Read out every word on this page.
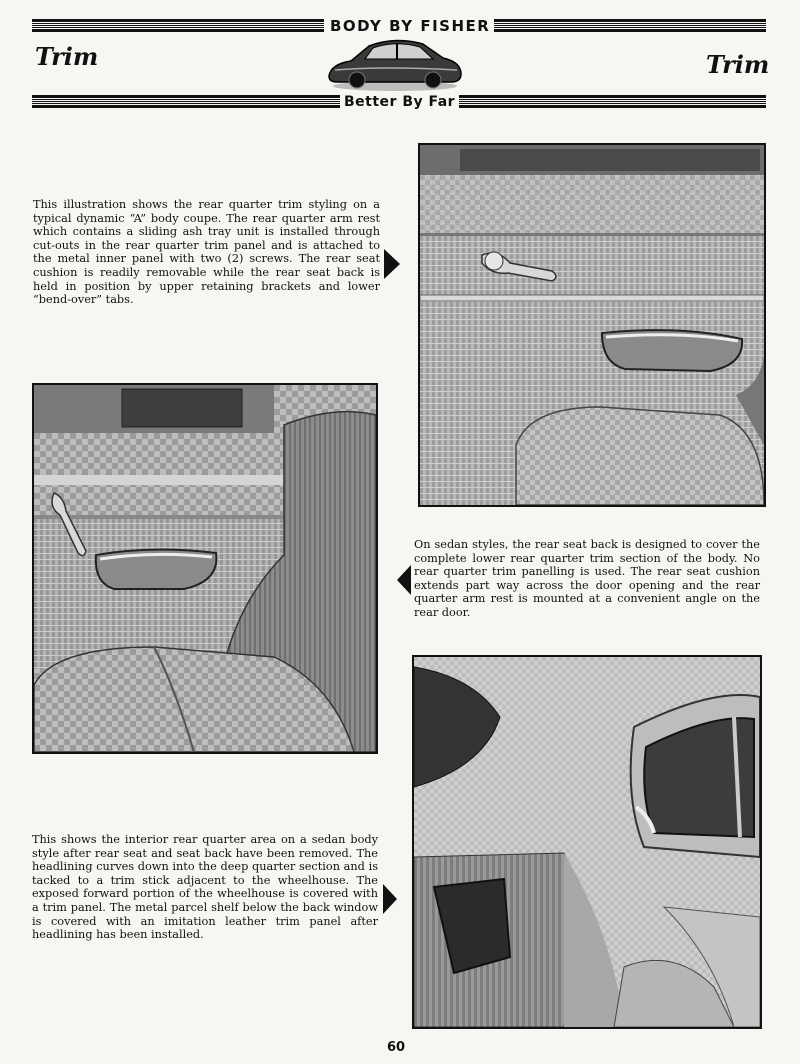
BODY BY FISHER
Trim	Trim
Better By Far
This illustration shows the rear quarter trim styling on a typical dynamic “A” body coupe. The rear quarter arm rest which contains a sliding ash tray unit is installed through cut-outs in the rear quarter trim panel and is attached to the metal inner panel with two (2) screws. The rear seat cushion is readily removable while the rear seat back is held in position by upper retaining brackets and lower “bend-over” tabs.
On sedan styles, the rear seat back is designed to cover the complete lower rear quarter trim section of the body. No rear quarter trim panelling is used. The rear seat cushion extends part way across the door opening and the rear quarter arm rest is mounted at a convenient angle on the rear door.
This shows the interior rear quarter area on a sedan body style after rear seat and seat back have been removed. The headlining curves down into the deep quarter section and is tacked to a trim stick adjacent to the wheelhouse. The exposed forward portion of the wheelhouse is covered with a trim panel. The metal parcel shelf below the back window is covered with an imitation leather trim panel after headlining has been installed.
60
